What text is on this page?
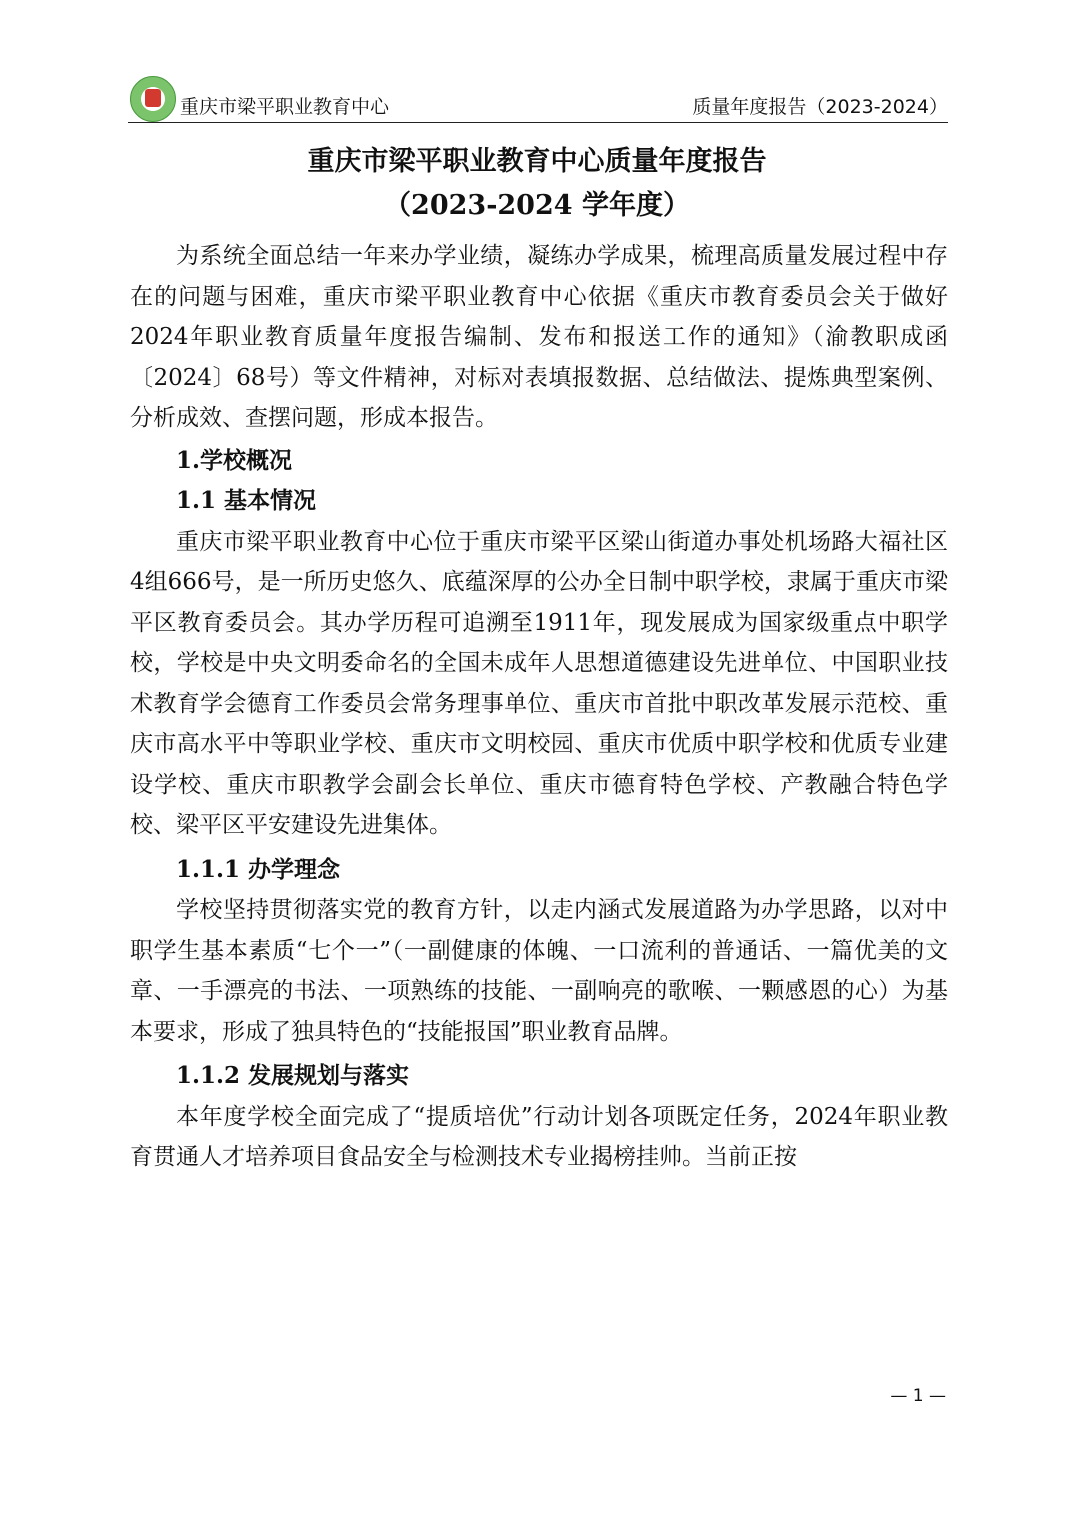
重庆市梁平职业教育中心	质量年度报告（2023-2024）
重庆市梁平职业教育中心质量年度报告
（2023-2024 学年度）

为系统全面总结一年来办学业绩，凝练办学成果，梳理高质量发展过程中存在的问题与困难，重庆市梁平职业教育中心依据《重庆市教育委员会关于做好2024年职业教育质量年度报告编制、发布和报送工作的通知》（渝教职成函〔2024〕68号）等文件精神，对标对表填报数据、总结做法、提炼典型案例、分析成效、查摆问题，形成本报告。

1.学校概况

1.1 基本情况

重庆市梁平职业教育中心位于重庆市梁平区梁山街道办事处机场路大福社区4组666号，是一所历史悠久、底蕴深厚的公办全日制中职学校，隶属于重庆市梁平区教育委员会。其办学历程可追溯至1911年，现发展成为国家级重点中职学校，学校是中央文明委命名的全国未成年人思想道德建设先进单位、中国职业技术教育学会德育工作委员会常务理事单位、重庆市首批中职改革发展示范校、重庆市高水平中等职业学校、重庆市文明校园、重庆市优质中职学校和优质专业建设学校、重庆市职教学会副会长单位、重庆市德育特色学校、产教融合特色学校、梁平区平安建设先进集体。

1.1.1 办学理念

学校坚持贯彻落实党的教育方针，以走内涵式发展道路为办学思路，以对中职学生基本素质“七个一”（一副健康的体魄、一口流利的普通话、一篇优美的文章、一手漂亮的书法、一项熟练的技能、一副响亮的歌喉、一颗感恩的心）为基本要求，形成了独具特色的“技能报国”职业教育品牌。

1.1.2 发展规划与落实

本年度学校全面完成了“提质培优”行动计划各项既定任务，2024年职业教育贯通人才培养项目食品安全与检测技术专业揭榜挂帅。当前正按

— 1 —
